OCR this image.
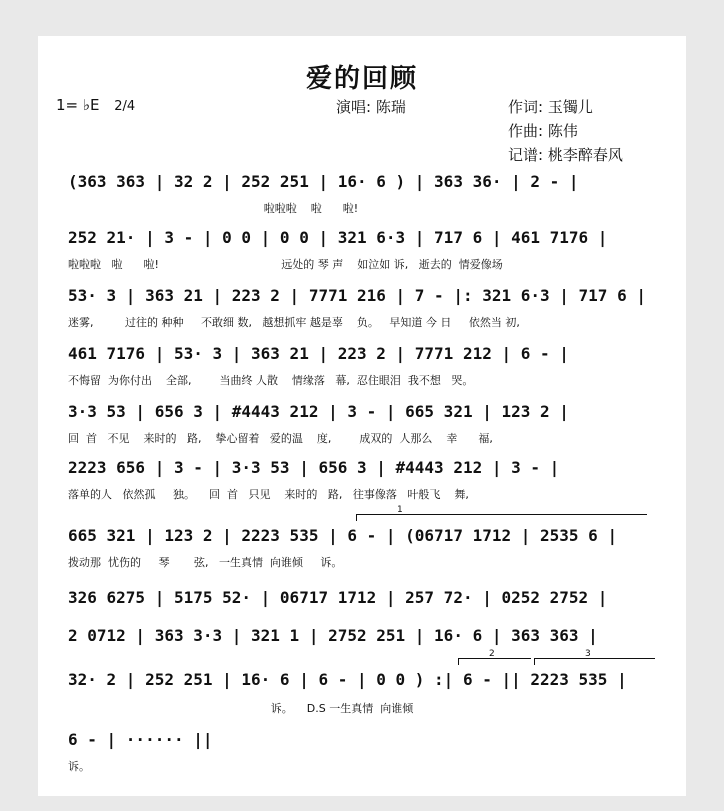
爱的回顾
1= ♭E 2/4	演唱: 陈瑞	作词: 玉镯儿
作曲: 陈伟
记谱: 桃李醉春风
(363 363 | 32 2 | 252 251 | 16· 6 ) | 363 36· | 2 - |
啦啦啦    啦      啦!
252 21· | 3 - | 0 0 | 0 0 | 321 6·3 | 717 6 | 461 7176 |
啦啦啦   啦      啦!                                   远处的 琴 声    如泣如 诉,   逝去的  情爱像场
53· 3 | 363 21 | 223 2 | 7771 216 | 7 - |: 321 6·3 | 717 6 |
迷雾,         过往的 种种     不敢细 数,   越想抓牢 越是辜    负。   早知道 今 日     依然当 初,
461 7176 | 53· 3 | 363 21 | 223 2 | 7771 212 | 6 - |
不悔留  为你付出    全部,        当曲终 人散    情缘落   幕,  忍住眼泪  我不想   哭。
3·3 53 | 656 3 | #4443 212 | 3 - | 665 321 | 123 2 |
回  首   不见    来时的   路,    挚心留着   爱的温    度,        成双的  人那么    幸      福,
2223 656 | 3 - | 3·3 53 | 656 3 | #4443 212 | 3 - |
落单的人   依然孤     独。    回  首   只见    来时的   路,   往事像落   叶般飞    舞,
1
665 321 | 123 2 | 2223 535 | 6 - | (06717 1712 | 2535 6 |
拨动那  忧伤的     琴       弦,   一生真情  向谁倾     诉。
326 6275 | 5175 52· | 06717 1712 | 257 72· | 0252 2752 |
2 0712 | 363 3·3 | 321 1 | 2752 251 | 16· 6 | 363 363 |
2	3
32· 2 | 252 251 | 16· 6 | 6 - | 0 0 ) :| 6 - || 2223 535 |
诉。    D.S 一生真情  向谁倾
6 - | ······ ||
诉。
